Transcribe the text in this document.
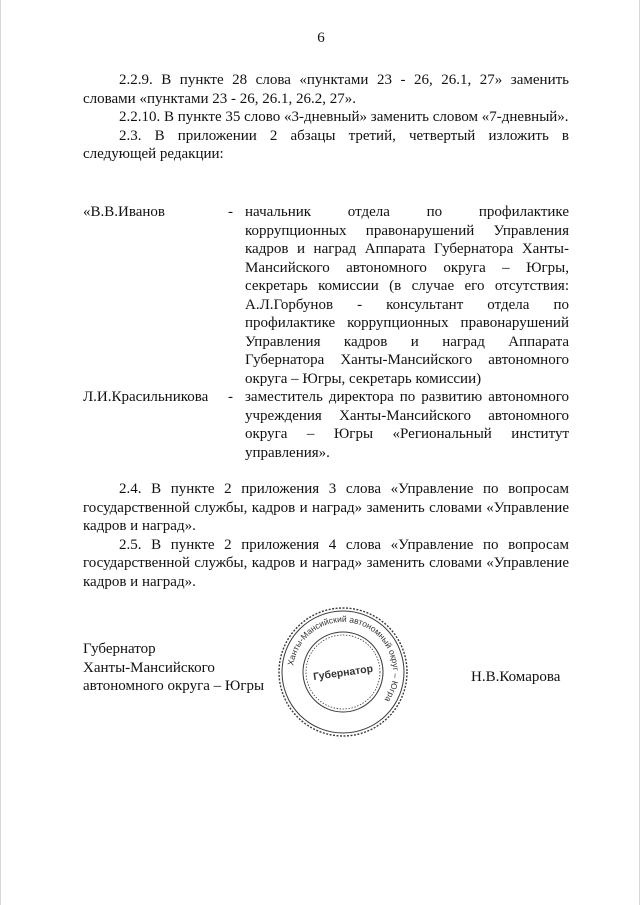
6

2.2.9. В пункте 28 слова «пунктами 23 - 26, 26.1, 27» заменить словами «пунктами 23 - 26, 26.1, 26.2, 27».

2.2.10. В пункте 35 слово «3-дневный» заменить словом «7-дневный».

2.3. В приложении 2 абзацы третий, четвертый изложить в следующей редакции:

«В.В.Иванов	- начальник отдела по профилактике коррупционных правонарушений Управления кадров и наград Аппарата Губернатора Ханты-Мансийского автономного округа – Югры, секретарь комиссии (в случае его отсутствия: А.Л.Горбунов - консультант отдела по профилактике коррупционных правонарушений Управления кадров и наград Аппарата Губернатора Ханты-Мансийского автономного округа – Югры, секретарь комиссии)
Л.И.Красильникова	- заместитель директора по развитию автономного учреждения Ханты-Мансийского автономного округа – Югры «Региональный институт управления».

2.4. В пункте 2 приложения 3 слова «Управление по вопросам государственной службы, кадров и наград» заменить словами «Управление кадров и наград».

2.5. В пункте 2 приложения 4 слова «Управление по вопросам государственной службы, кадров и наград» заменить словами «Управление кадров и наград».

Губернатор
Ханты-Мансийского
автономного округа – Югры
Н.В.Комарова
Ханты-Мансийский автономный округ – Югра
Губернатор
